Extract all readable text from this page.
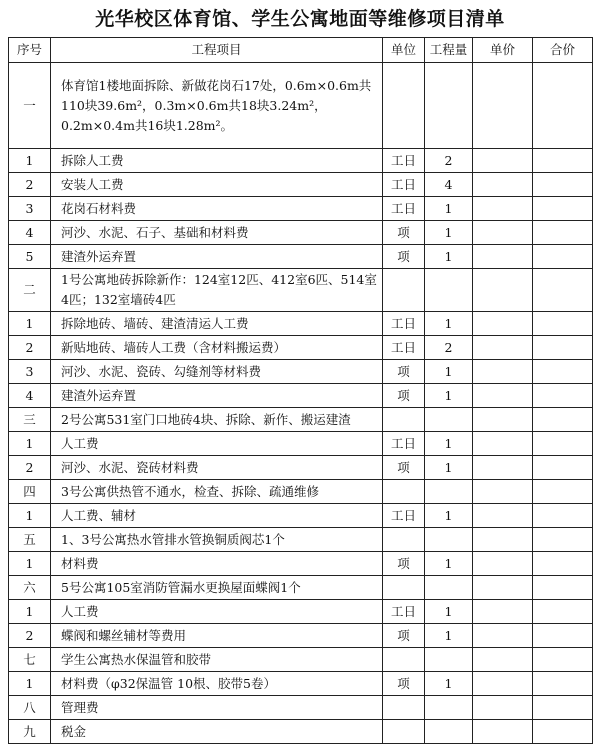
光华校区体育馆、学生公寓地面等维修项目清单
序号	工程项目	单位	工程量	单价	合价
一	体育馆1楼地面拆除、新做花岗石17处，0.6m×0.6m共110块39.6m²，0.3m×0.6m共18块3.24m²，0.2m×0.4m共16块1.28m²。				
1	拆除人工费	工日	2		
2	安装人工费	工日	4		
3	花岗石材料费	工日	1		
4	河沙、水泥、石子、基础和材料费	项	1		
5	建渣外运弃置	项	1		
二	1号公寓地砖拆除新作：124室12匹、412室6匹、514室4匹；132室墙砖4匹				
1	拆除地砖、墙砖、建渣清运人工费	工日	1		
2	新贴地砖、墙砖人工费（含材料搬运费）	工日	2		
3	河沙、水泥、瓷砖、勾缝剂等材料费	项	1		
4	建渣外运弃置	项	1		
三	2号公寓531室门口地砖4块、拆除、新作、搬运建渣				
1	人工费	工日	1		
2	河沙、水泥、瓷砖材料费	项	1		
四	3号公寓供热管不通水，检查、拆除、疏通维修				
1	人工费、辅材	工日	1		
五	1、3号公寓热水管排水管换铜质阀芯1个				
1	材料费	项	1		
六	5号公寓105室消防管漏水更换屋面蝶阀1个				
1	人工费	工日	1		
2	蝶阀和螺丝辅材等费用	项	1		
七	学生公寓热水保温管和胶带				
1	材料费（φ32保温管 10根、胶带5卷）	项	1		
八	管理费				
九	税金				
